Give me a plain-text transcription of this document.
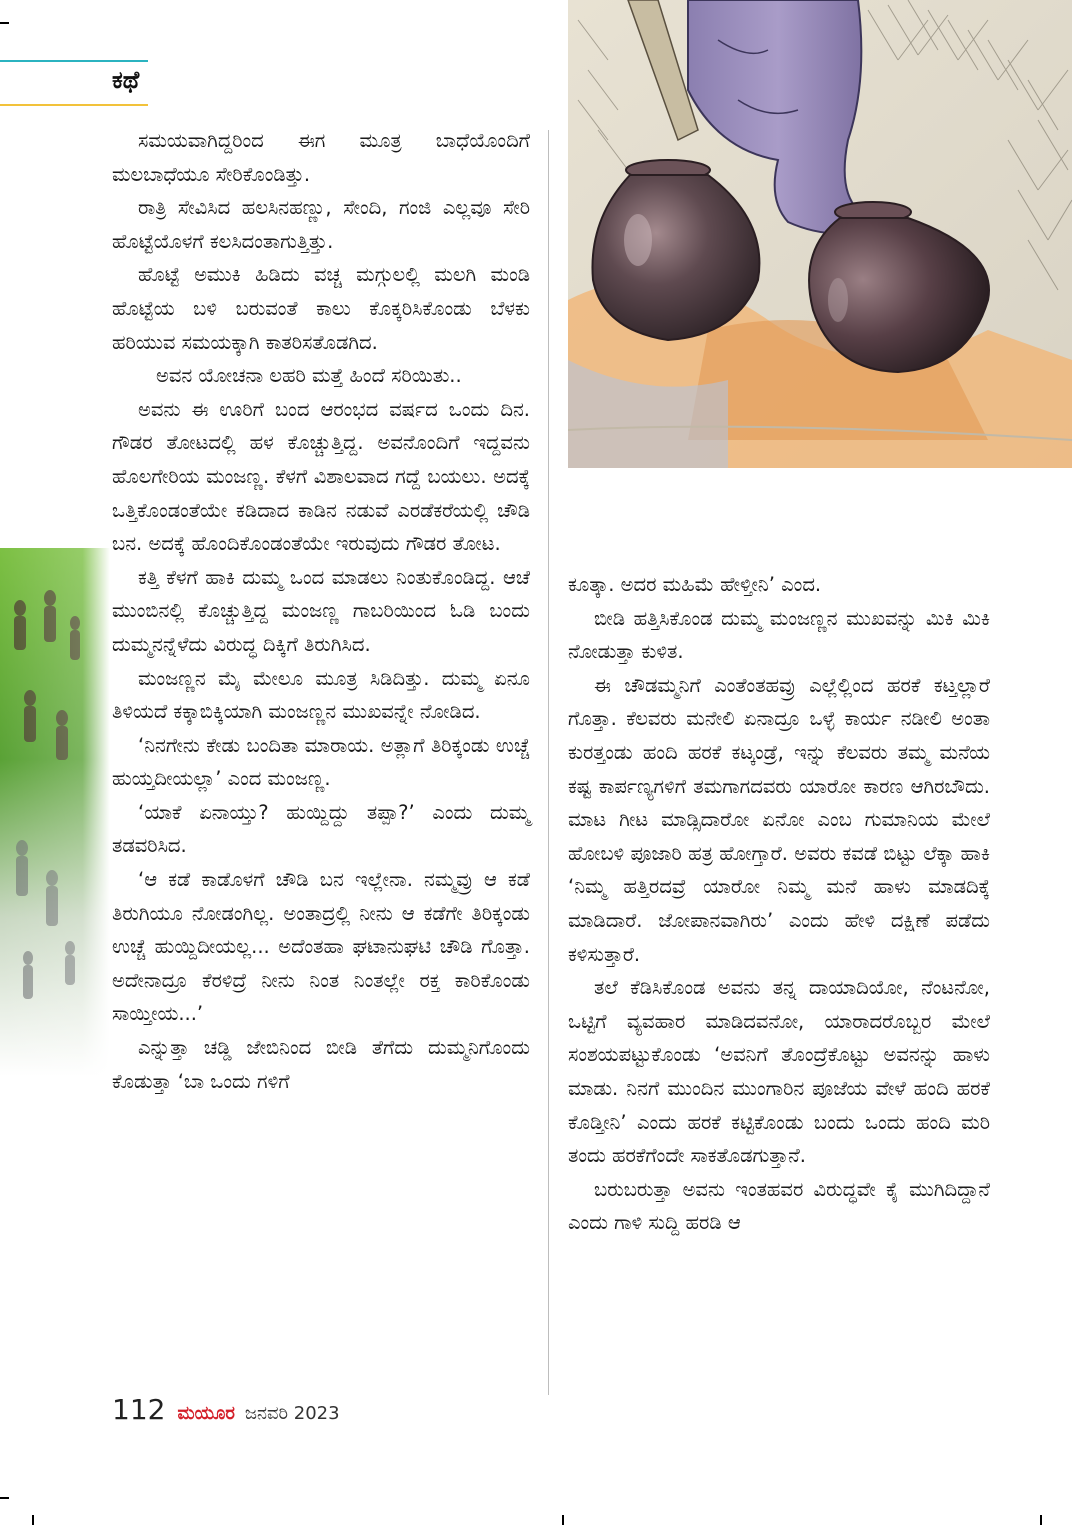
ಕಥೆ

ಸಮಯವಾಗಿದ್ದರಿಂದ ಈಗ ಮೂತ್ರ ಬಾಧೆಯೊಂದಿಗೆ ಮಲಬಾಧೆಯೂ ಸೇರಿಕೊಂಡಿತ್ತು.

ರಾತ್ರಿ ಸೇವಿಸಿದ ಹಲಸಿನಹಣ್ಣು, ಸೇಂದಿ, ಗಂಜಿ ಎಲ್ಲವೂ ಸೇರಿ ಹೊಟ್ಟೆಯೊಳಗೆ ಕಲಸಿದಂತಾಗುತ್ತಿತ್ತು.

ಹೊಟ್ಟೆ ಅಮುಕಿ ಹಿಡಿದು ವಚ್ಚ ಮಗ್ಗುಲಲ್ಲಿ ಮಲಗಿ ಮಂಡಿ ಹೊಟ್ಟೆಯ ಬಳಿ ಬರುವಂತೆ ಕಾಲು ಕೊಕ್ಕರಿಸಿಕೊಂಡು ಬೆಳಕು ಹರಿಯುವ ಸಮಯಕ್ಕಾಗಿ ಕಾತರಿಸತೊಡಗಿದ.

ಅವನ ಯೋಚನಾ ಲಹರಿ ಮತ್ತೆ ಹಿಂದೆ ಸರಿಯಿತು..

ಅವನು ಈ ಊರಿಗೆ ಬಂದ ಆರಂಭದ ವರ್ಷದ ಒಂದು ದಿನ. ಗೌಡರ ತೋಟದಲ್ಲಿ ಹಳ ಕೊಚ್ಚುತ್ತಿದ್ದ. ಅವನೊಂದಿಗೆ ಇದ್ದವನು ಹೊಲಗೇರಿಯ ಮಂಜಣ್ಣ. ಕೆಳಗೆ ವಿಶಾಲವಾದ ಗದ್ದೆ ಬಯಲು. ಅದಕ್ಕೆ ಒತ್ತಿಕೊಂಡಂತೆಯೇ ಕಡಿದಾದ ಕಾಡಿನ ನಡುವೆ ಎರಡೆಕರೆಯಲ್ಲಿ ಚೌಡಿ ಬನ. ಅದಕ್ಕೆ ಹೊಂದಿಕೊಂಡಂತೆಯೇ ಇರುವುದು ಗೌಡರ ತೋಟ.

ಕತ್ತಿ ಕೆಳಗೆ ಹಾಕಿ ದುಮ್ಮ ಒಂದ ಮಾಡಲು ನಿಂತುಕೊಂಡಿದ್ದ. ಆಚೆ ಮುಂಬಿನಲ್ಲಿ ಕೊಚ್ಚುತ್ತಿದ್ದ ಮಂಜಣ್ಣ ಗಾಬರಿಯಿಂದ ಓಡಿ ಬಂದು ದುಮ್ಮನನ್ನೆಳೆದು ವಿರುದ್ಧ ದಿಕ್ಕಿಗೆ ತಿರುಗಿಸಿದ.

ಮಂಜಣ್ಣನ ಮೈ ಮೇಲೂ ಮೂತ್ರ ಸಿಡಿದಿತ್ತು. ದುಮ್ಮ ಏನೂ ತಿಳಿಯದೆ ಕಕ್ಕಾಬಿಕ್ಕಿಯಾಗಿ ಮಂಜಣ್ಣನ ಮುಖವನ್ನೇ ನೋಡಿದ.

‘ನಿನಗೇನು ಕೇಡು ಬಂದಿತಾ ಮಾರಾಯ. ಅತ್ಲಾಗೆ ತಿರಿಕ್ಕಂಡು ಉಚ್ಚೆ ಹುಯ್ತದೀಯಲ್ಲಾ’ ಎಂದ ಮಂಜಣ್ಣ.

‘ಯಾಕೆ ಏನಾಯ್ತು? ಹುಯ್ದಿದ್ದು ತಪ್ಪಾ?’ ಎಂದು ದುಮ್ಮ ತಡವರಿಸಿದ.

‘ಆ ಕಡೆ ಕಾಡೊಳಗೆ ಚೌಡಿ ಬನ ಇಲ್ಲೇನಾ. ನಮ್ಮವ್ರು ಆ ಕಡೆ ತಿರುಗಿಯೂ ನೋಡಂಗಿಲ್ಲ. ಅಂತಾದ್ರಲ್ಲಿ ನೀನು ಆ ಕಡೆಗೇ ತಿರಿಕ್ಕಂಡು ಉಚ್ಚೆ ಹುಯ್ದಿದೀಯಲ್ಲ... ಅದೆಂತಹಾ ಘಟಾನುಘಟಿ ಚೌಡಿ ಗೊತ್ತಾ. ಅದೇನಾದ್ರೂ ಕೆರಳಿದ್ರೆ ನೀನು ನಿಂತ ನಿಂತಲ್ಲೇ ರಕ್ತ ಕಾರಿಕೊಂಡು ಸಾಯ್ತೀಯ...’

ಎನ್ನುತ್ತಾ ಚಡ್ಡಿ ಜೇಬಿನಿಂದ ಬೀಡಿ ತೆಗೆದು ದುಮ್ಮನಿಗೊಂದು ಕೊಡುತ್ತಾ ‘ಬಾ ಒಂದು ಗಳಿಗೆ

ಕೂತ್ಕಾ. ಅದರ ಮಹಿಮೆ ಹೇಳ್ತೀನಿ’ ಎಂದ.

ಬೀಡಿ ಹತ್ತಿಸಿಕೊಂಡ ದುಮ್ಮ ಮಂಜಣ್ಣನ ಮುಖವನ್ನು ಮಿಕಿ ಮಿಕಿ ನೋಡುತ್ತಾ ಕುಳಿತ.

ಈ ಚೌಡಮ್ಮನಿಗೆ ಎಂತೆಂತಹವ್ರು ಎಲ್ಲೆಲ್ಲಿಂದ ಹರಕೆ ಕಟ್ತಲ್ಲಾರೆ ಗೊತ್ತಾ. ಕೆಲವರು ಮನೇಲಿ ಏನಾದ್ರೂ ಒಳ್ಳೆ ಕಾರ್ಯ ನಡೀಲಿ ಅಂತಾ ಕುರತ್ತಂಡು ಹಂದಿ ಹರಕೆ ಕಟ್ಕಂಡ್ರೆ, ಇನ್ನು ಕೆಲವರು ತಮ್ಮ ಮನೆಯ ಕಷ್ಟ ಕಾರ್ಪಣ್ಯಗಳಿಗೆ ತಮಗಾಗದವರು ಯಾರೋ ಕಾರಣ ಆಗಿರಬೌದು. ಮಾಟ ಗೀಟ ಮಾಡ್ಸಿದಾರೋ ಏನೋ ಎಂಬ ಗುಮಾನಿಯ ಮೇಲೆ ಹೋಬಳಿ ಪೂಜಾರಿ ಹತ್ರ ಹೋಗ್ತಾರೆ. ಅವರು ಕವಡೆ ಬಿಟ್ಟು ಲೆಕ್ಕಾ ಹಾಕಿ ‘ನಿಮ್ಮ ಹತ್ತಿರದವ್ರೆ ಯಾರೋ ನಿಮ್ಮ ಮನೆ ಹಾಳು ಮಾಡದಿಕ್ಕೆ ಮಾಡಿದಾರೆ. ಜೋಪಾನವಾಗಿರು’ ಎಂದು ಹೇಳಿ ದಕ್ಷಿಣೆ ಪಡೆದು ಕಳಿಸುತ್ತಾರೆ.

ತಲೆ ಕೆಡಿಸಿಕೊಂಡ ಅವನು ತನ್ನ ದಾಯಾದಿಯೋ, ನೆಂಟನೋ, ಒಟ್ಟಿಗೆ ವ್ಯವಹಾರ ಮಾಡಿದವನೋ, ಯಾರಾದರೊಬ್ಬರ ಮೇಲೆ ಸಂಶಯಪಟ್ಟುಕೊಂಡು ‘ಅವನಿಗೆ ತೊಂದ್ರೆಕೊಟ್ಟು ಅವನನ್ನು ಹಾಳು ಮಾಡು. ನಿನಗೆ ಮುಂದಿನ ಮುಂಗಾರಿನ ಪೂಜೆಯ ವೇಳೆ ಹಂದಿ ಹರಕೆ ಕೊಡ್ತೀನಿ’ ಎಂದು ಹರಕೆ ಕಟ್ಟಿಕೊಂಡು ಬಂದು ಒಂದು ಹಂದಿ ಮರಿ ತಂದು ಹರಕೆಗೆಂದೇ ಸಾಕತೊಡಗುತ್ತಾನೆ.

ಬರುಬರುತ್ತಾ ಅವನು ಇಂತಹವರ ವಿರುದ್ಧವೇ ಕೈ ಮುಗಿದಿದ್ದಾನೆ ಎಂದು ಗಾಳಿ ಸುದ್ದಿ ಹರಡಿ ಆ

112 ಮಯೂರ ಜನವರಿ 2023
